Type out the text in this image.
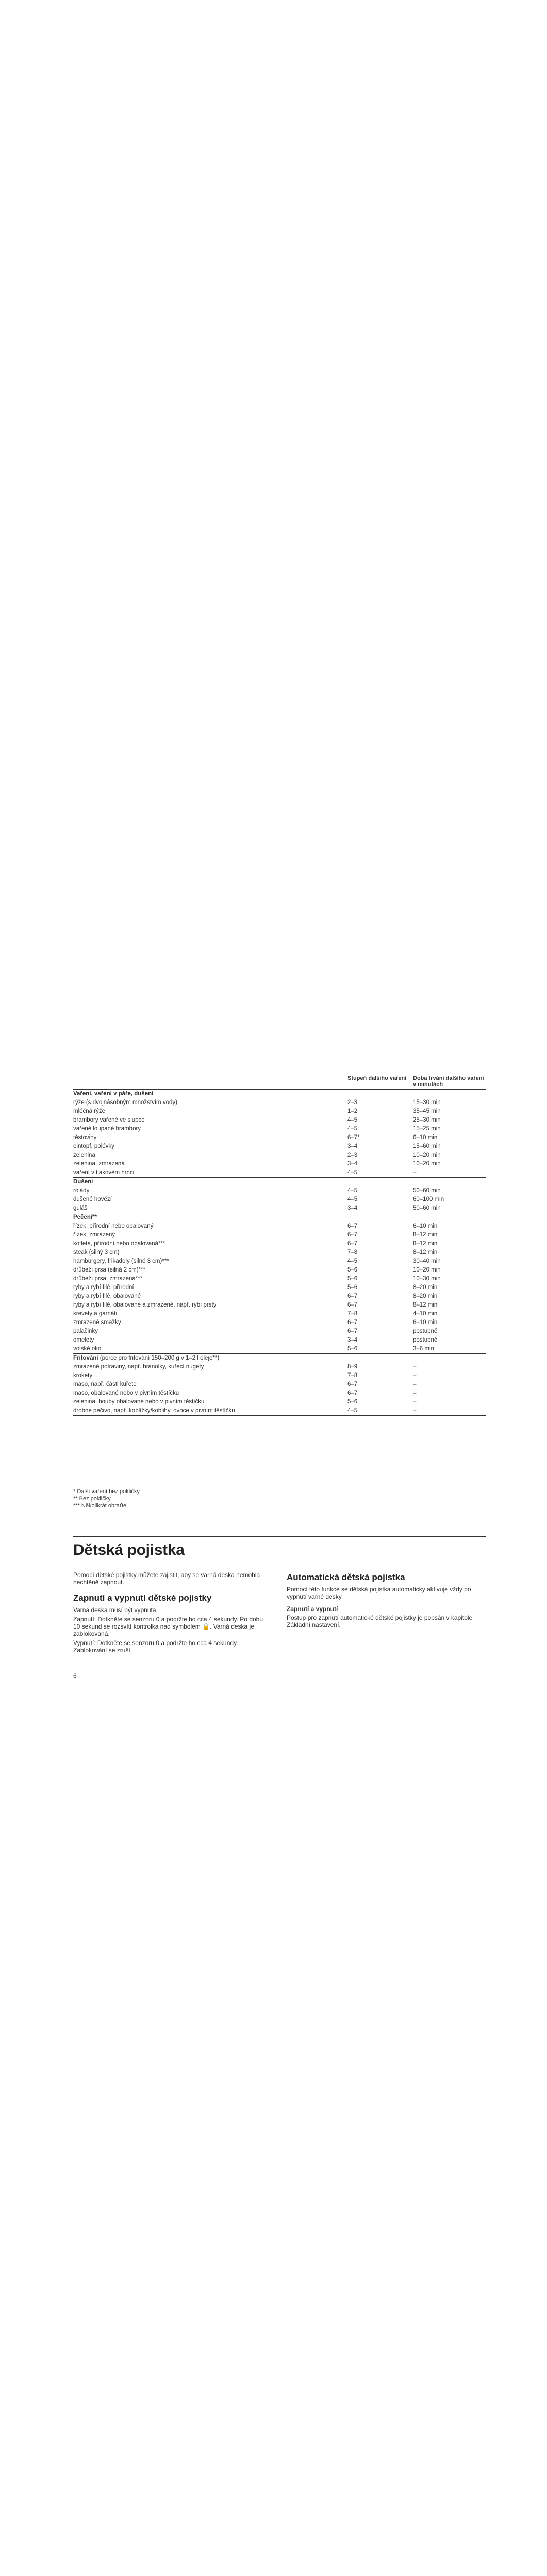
	Stupeň dalšího vaření	Doba trvání dalšího vaření v minutách
Vaření, vaření v páře, dušení		
rýže (s dvojnásobným množstvím vody)	2–3	15–30 min
mléčná rýže	1–2	35–45 min
brambory vařené ve slupce	4–5	25–30 min
vařené loupané brambory	4–5	15–25 min
těstoviny	6–7*	6–10 min
eintopf, polévky	3–4	15–60 min
zelenina	2–3	10–20 min
zelenina, zmrazená	3–4	10–20 min
vaření v tlakovém hrnci	4–5	–
Dušení		
rolády	4–5	50–60 min
dušené hovězí	4–5	60–100 min
guláš	3–4	50–60 min
Pečení**		
řízek, přírodní nebo obalovaný	6–7	6–10 min
řízek, zmrazený	6–7	8–12 min
kotleta, přírodní nebo obalovaná***	6–7	8–12 min
steak (silný 3 cm)	7–8	8–12 min
hamburgery, frikadely (silné 3 cm)***	4–5	30–40 min
drůbeží prsa (silná 2 cm)***	5–6	10–20 min
drůbeží prsa, zmrazená***	5–6	10–30 min
ryby a rybí filé, přírodní	5–6	8–20 min
ryby a rybí filé, obalované	6–7	8–20 min
ryby a rybí filé, obalované a zmrazené, např. rybí prsty	6–7	8–12 min
krevety a garnáti	7–8	4–10 min
zmrazené smažky	6–7	6–10 min
palačinky	6–7	postupně
omelety	3–4	postupně
volské oko	5–6	3–6 min
Fritování (porce pro fritování 150–200 g v 1–2 l oleje**)		
zmrazené potraviny, např. hranolky, kuřecí nugety	8–9	–
krokety	7–8	–
maso, např. části kuřete	6–7	–
maso, obalované nebo v pivním těstíčku	6–7	–
zelenina, houby obalované nebo v pivním těstíčku	5–6	–
drobné pečivo, např. koblížky/koblihy, ovoce v pivním těstíčku	4–5	–
* Další vaření bez pokličky
** Bez pokličky
*** Několikrát obraťte
Dětská pojistka

Pomocí dětské pojistky můžete zajistit, aby se varná deska nemohla nechtěně zapnout.

Zapnutí a vypnutí dětské pojistky

Varná deska musí být vypnuta.

Zapnutí: Dotkněte se senzoru 0 a podržte ho cca 4 sekundy. Po dobu 10 sekund se rozsvítí kontrolka nad symbolem 🔒. Varná deska je zablokovaná.

Vypnutí: Dotkněte se senzoru 0 a podržte ho cca 4 sekundy. Zablokování se zruší.

Automatická dětská pojistka

Pomocí této funkce se dětská pojistka automaticky aktivuje vždy po vypnutí varné desky.

Zapnutí a vypnutí

Postup pro zapnutí automatické dětské pojistky je popsán v kapitole Základní nastavení.

6
